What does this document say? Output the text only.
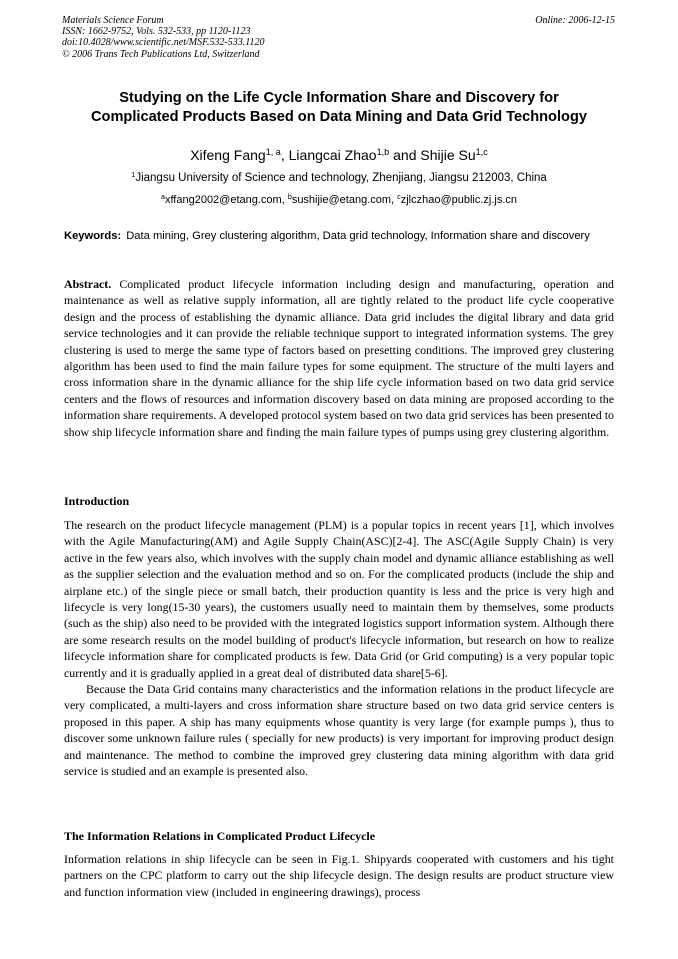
Materials Science Forum
ISSN: 1662-9752, Vols. 532-533, pp 1120-1123
doi:10.4028/www.scientific.net/MSF.532-533.1120
© 2006 Trans Tech Publications Ltd, Switzerland
Online: 2006-12-15
Studying on the Life Cycle Information Share and Discovery for
Complicated Products Based on Data Mining and Data Grid Technology
Xifeng Fang$^{1, a}$, Liangcai Zhao$^{1,b}$ and Shijie Su$^{1,c}$
$^1$Jiangsu University of Science and technology, Zhenjiang, Jiangsu 212003, China
$^a$xffang2002@etang.com, $^b$sushijie@etang.com, $^c$zjlczhao@public.zj.js.cn
Keywords: Data mining, Grey clustering algorithm, Data grid technology, Information share and discovery
Abstract. Complicated product lifecycle information including design and manufacturing, operation and maintenance as well as relative supply information, all are tightly related to the product life cycle cooperative design and the process of establishing the dynamic alliance. Data grid includes the digital library and data grid service technologies and it can provide the reliable technique support to integrated information systems. The grey clustering is used to merge the same type of factors based on presetting conditions. The improved grey clustering algorithm has been used to find the main failure types for some equipment. The structure of the multi layers and cross information share in the dynamic alliance for the ship life cycle information based on two data grid service centers and the flows of resources and information discovery based on data mining are proposed according to the information share requirements. A developed protocol system based on two data grid services has been presented to show ship lifecycle information share and finding the main failure types of pumps using grey clustering algorithm.
Introduction

The research on the product lifecycle management (PLM) is a popular topics in recent years [1], which involves with the Agile Manufacturing(AM) and Agile Supply Chain(ASC)[2-4]. The ASC(Agile Supply Chain) is very active in the few years also, which involves with the supply chain model and dynamic alliance establishing as well as the supplier selection and the evaluation method and so on. For the complicated products (include the ship and airplane etc.) of the single piece or small batch, their production quantity is less and the price is very high and lifecycle is very long(15-30 years), the customers usually need to maintain them by themselves, some products (such as the ship) also need to be provided with the integrated logistics support information system. Although there are some research results on the model building of product's lifecycle information, but research on how to realize lifecycle information share for complicated products is few. Data Grid (or Grid computing) is a very popular topic currently and it is gradually applied in a great deal of distributed data share[5-6].

Because the Data Grid contains many characteristics and the information relations in the product lifecycle are very complicated, a multi-layers and cross information share structure based on two data grid service centers is proposed in this paper. A ship has many equipments whose quantity is very large (for example pumps ), thus to discover some unknown failure rules ( specially for new products) is very important for improving product design and maintenance. The method to combine the improved grey clustering data mining algorithm with data grid service is studied and an example is presented also.

The Information Relations in Complicated Product Lifecycle

Information relations in ship lifecycle can be seen in Fig.1. Shipyards cooperated with customers and his tight partners on the CPC platform to carry out the ship lifecycle design. The design results are product structure view and function information view (included in engineering drawings), process
